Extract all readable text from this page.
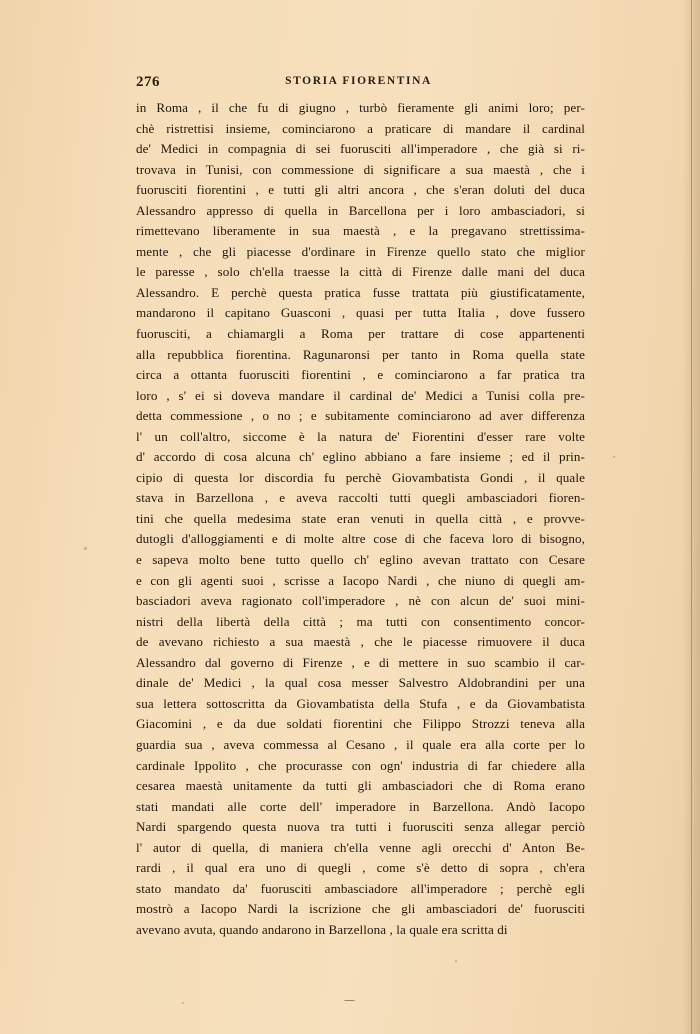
276	STORIA FIORENTINA

in Roma , il che fu di giugno , turbò fieramente gli animi loro; per-
chè ristrettisi insieme, cominciarono a praticare di mandare il cardinal
de' Medici in compagnia di sei fuorusciti all'imperadore , che già si ri-
trovava in Tunisi, con commessione di significare a sua maestà , che i
fuorusciti fiorentini , e tutti gli altri ancora , che s'eran doluti del duca
Alessandro appresso di quella in Barcellona per i loro ambasciadori, si
rimettevano liberamente in sua maestà , e la pregavano strettissima-
mente , che gli piacesse d'ordinare in Firenze quello stato che miglior
le paresse , solo ch'ella traesse la città di Firenze dalle mani del duca
Alessandro. E perchè questa pratica fusse trattata più giustificatamente,
mandarono il capitano Guasconi , quasi per tutta Italia , dove fussero
fuorusciti, a chiamargli a Roma per trattare di cose appartenenti
alla repubblica fiorentina. Ragunaronsi per tanto in Roma quella state
circa a ottanta fuorusciti fiorentini , e cominciarono a far pratica tra
loro , s' ei si doveva mandare il cardinal de' Medici a Tunisi colla pre-
detta commessione , o no ; e subitamente cominciarono ad aver differenza
l' un coll'altro, siccome è la natura de' Fiorentini d'esser rare volte
d' accordo di cosa alcuna ch' eglino abbiano a fare insieme ; ed il prin-
cipio di questa lor discordia fu perchè Giovambatista Gondi , il quale
stava in Barzellona , e aveva raccolti tutti quegli ambasciadori fioren-
tini che quella medesima state eran venuti in quella città , e provve-
dutogli d'alloggiamenti e di molte altre cose di che faceva loro di bisogno,
e sapeva molto bene tutto quello ch' eglino avevan trattato con Cesare
e con gli agenti suoi , scrisse a Iacopo Nardi , che niuno di quegli am-
basciadori aveva ragionato coll'imperadore , nè con alcun de' suoi mini-
nistri della libertà della città ; ma tutti con consentimento concor-
de avevano richiesto a sua maestà , che le piacesse rimuovere il duca
Alessandro dal governo di Firenze , e di mettere in suo scambio il car-
dinale de' Medici , la qual cosa messer Salvestro Aldobrandini per una
sua lettera sottoscritta da Giovambatista della Stufa , e da Giovambatista
Giacomini , e da due soldati fiorentini che Filippo Strozzi teneva alla
guardia sua , aveva commessa al Cesano , il quale era alla corte per lo
cardinale Ippolito , che procurasse con ogn' industria di far chiedere alla
cesarea maestà unitamente da tutti gli ambasciadori che di Roma erano
stati mandati alle corte dell' imperadore in Barzellona. Andò Iacopo
Nardi spargendo questa nuova tra tutti i fuorusciti senza allegar perciò
l' autor di quella, di maniera ch'ella venne agli orecchi d' Anton Be-
rardi , il qual era uno di quegli , come s'è detto di sopra , ch'era
stato mandato da' fuorusciti ambasciadore all'imperadore ; perchè egli
mostrò a Iacopo Nardi la iscrizione che gli ambasciadori de' fuorusciti
avevano avuta, quando andarono in Barzellona , la quale era scritta di

—
